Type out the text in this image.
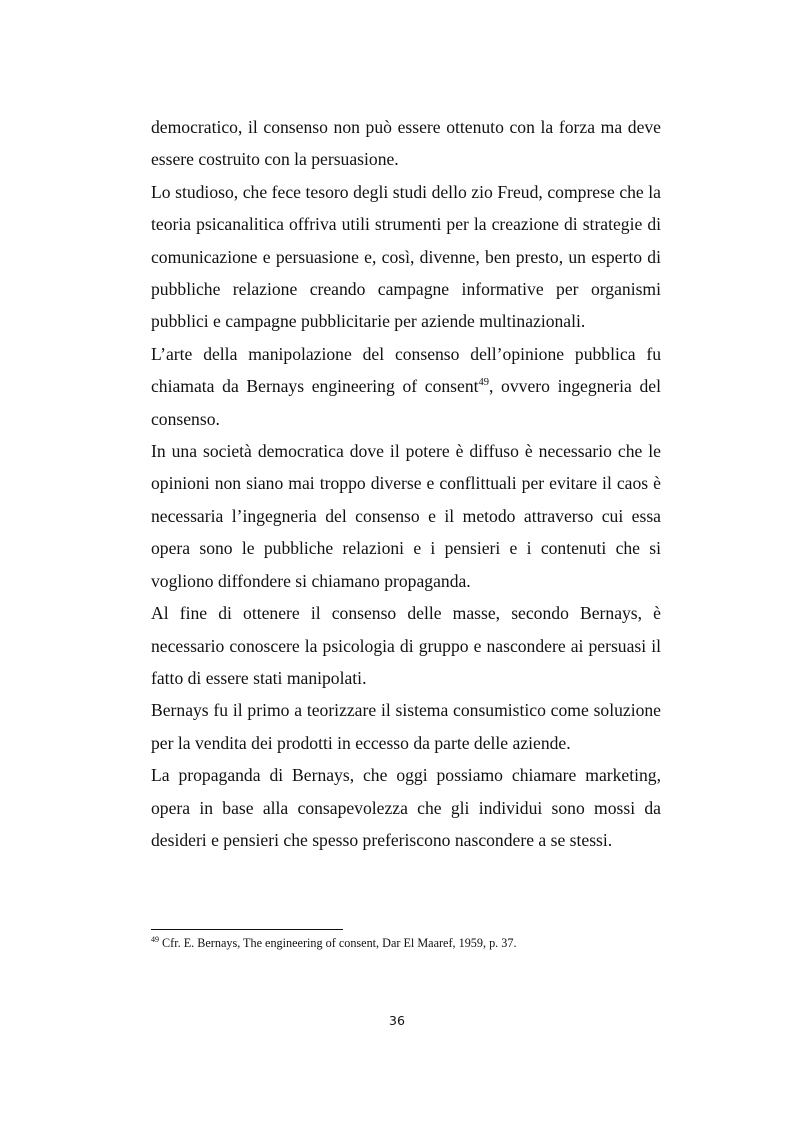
democratico, il consenso non può essere ottenuto con la forza ma deve essere costruito con la persuasione.

Lo studioso, che fece tesoro degli studi dello zio Freud, comprese che la teoria psicanalitica offriva utili strumenti per la creazione di strategie di comunicazione e persuasione e, così, divenne, ben presto, un esperto di pubbliche relazione creando campagne informative per organismi pubblici e campagne pubblicitarie per aziende multinazionali.

L’arte della manipolazione del consenso dell’opinione pubblica fu chiamata da Bernays engineering of consent$^{49}$, ovvero ingegneria del consenso.

In una società democratica dove il potere è diffuso è necessario che le opinioni non siano mai troppo diverse e conflittuali per evitare il caos è necessaria l’ingegneria del consenso e il metodo attraverso cui essa opera sono le pubbliche relazioni e i pensieri e i contenuti che si vogliono diffondere si chiamano propaganda.

Al fine di ottenere il consenso delle masse, secondo Bernays, è necessario conoscere la psicologia di gruppo e nascondere ai persuasi il fatto di essere stati manipolati.

Bernays fu il primo a teorizzare il sistema consumistico come soluzione per la vendita dei prodotti in eccesso da parte delle aziende.

La propaganda di Bernays, che oggi possiamo chiamare marketing, opera in base alla consapevolezza che gli individui sono mossi da desideri e pensieri che spesso preferiscono nascondere a se stessi.

$^{49}$ Cfr. E. Bernays, The engineering of consent, Dar El Maaref, 1959, p. 37.

36
